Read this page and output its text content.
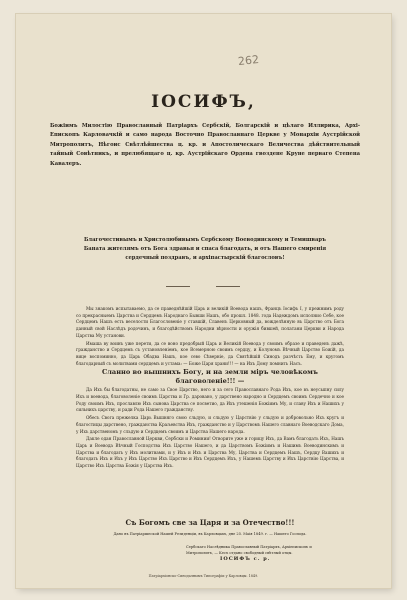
262
ІОСИФЪ,
Божіимъ Милостію Православный Патріархъ Сербскій, Болгарскій и цѣлаго Иллирика, Архі-Епископъ Карловачкій и само народа Восточно Православнаго Церкве у Монархіи Аустрійской Митрополитъ, Нѣгоис Свѣтлѣйшества ц. кр. и Апостолическаго Величества дѣйствительный тайный Совѣтникъ, и прелюбящаго ц. кр. Аустрійскаго Ордена гвоздене Круне перваго Степена Кавалеръ.
Благочестивымъ и Христолюбивымъ Сербскому Воеводинскому и Темишваръ Баната жителямъ отъ Бога здравья и спаса благодать, и отъ Нашего смиренія сердечный поздравъ, и архіпастырскій благословъ!

Мы знакомъ испытаваемо, да се праведнѣйшій Царь и великій Воевода нашъ, Францъ Іосифъ I, у прежнимъ роду со прекрасныемъ Царства и Сердцемъ Народнаго Бывши Нашъ, обо прошл. 1848. года Надеждомъ исполнио Себе, кое Сердцемъ Нашъ есть веселости Благословеніе у ставшій, Славенъ Церковный да, вожделѣнную въ Царство отъ Бога данный свой Наслѣдъ родочинъ, и благодѣйствомъ Народни вѣрности и оружія бившей, полатани Церкви и Народа Царства Му установи.

Имаша ву воинъ уже перети, да се воно предобрый Царь и Великій Воевода у своимъ образе и праведенъ дажѣ, гражданство и Сердцемъ съ установленіемъ, кое Всемерною своимъ сердцу, и Колуномъ Вѣчный Царство Божій, да вице воспоминно, да Царь Обадва Нашъ, кое сево Сѣверніе, да Святѣйшій Синодъ разчѣсть Ему, и кругомъ благодарный съ молитвами сердцемъ и устама: — Боже Царя храни!!! — на Ихъ Дому помнить Насъ.

Сланно во вышнихъ Богу, и на земли міръ человѣкомъ благоволеніе!!! —

Да Ихъ бы благодатны, не само за Свое Царство, него и за сего Православнаго Рода Ихъ, кое въ неусыпну силу Ихъ и воевода, благоволеніе своимъ Царства и Гр. даровано, у дарствено народно и Сердцемъ своимъ Сердечно и кое Роду своимъ Ихъ, прославлю Ихъ сынова Царства се посветио, да Ихъ утешенія Божіимъ Му, и славу Ихъ и Нашихъ у сильнихъ царству, и ради Рода Нашего гражданству.

Обесъ Свога прежелка Царь Вышняго свою сльдую, и сльдую у Царствію у сльдую и добровольно Ихъ кругъ и благостицы дарствено, гражданства Краљевства Ихъ, гражданство и у Царствомъ Нашего славнаго Воеводскаго Дома, у Ихъ дарственомъ у сльдую и Сердцемъ своимъ и Царства Нашего народа.

Дакле одан Православной Церкви, Сербски и Роминии! Отворите уже и горицу Ихъ, да Вамъ благодать Ихъ, Нашъ Царь и Воевода Вѣчный Господства Ихъ Царство Нашего, и да Царствомъ Божіимъ и Нашимъ Воеводинскимъ и Царства и благодать у Ихъ молитвами, и у Ихъ и Ихъ и Царства Му, Царства и Сердцемъ Нашъ, Сердцу Вашихъ и благодать Ихъ и Ихъ у Ихъ Царство Ихъ Царство и Ихъ Сердцемъ Ихъ, у Нашемъ Царству и Ихъ Царствію Царства, и Царство Ихъ Царства Божія у Царства Ихъ.

Съ Богомъ све за Царя и за Отечество!!!
Дано въ Патріаршеской Нашей Резиденціи, въ Карловцахъ, дне 25. Маія 1849. г. — Нашего Господа.
Сербскаго Наслѣдника Православный Патріархъ, Архіепископъ и Митрополитъ, — Кесъ отдано свободный свѣтлый отцы.
ІОСИФЪ с. р.
Патріархіонско-Синодалнымъ Типографіи у Карловцы. 1849.
